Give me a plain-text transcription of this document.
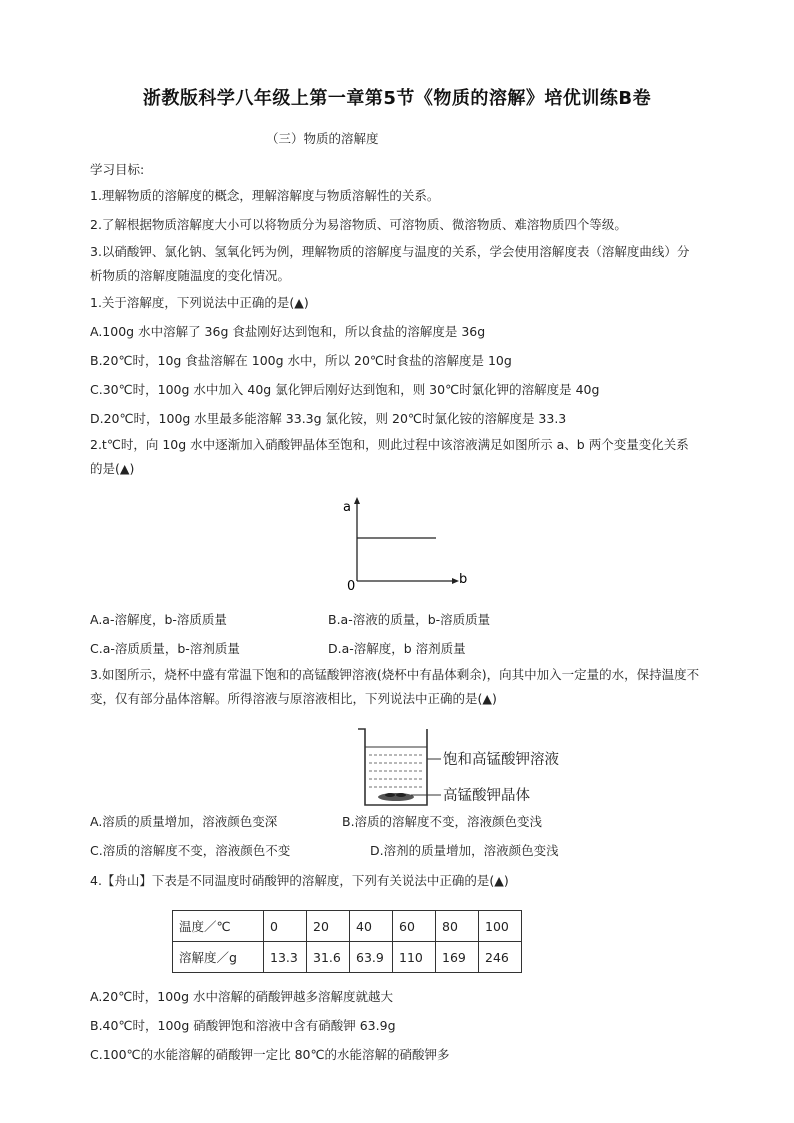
浙教版科学八年级上第一章第5节《物质的溶解》培优训练B卷
（三）物质的溶解度
学习目标:
1.理解物质的溶解度的概念，理解溶解度与物质溶解性的关系。
2.了解根据物质溶解度大小可以将物质分为易溶物质、可溶物质、微溶物质、难溶物质四个等级。
3.以硝酸钾、氯化钠、氢氧化钙为例，理解物质的溶解度与温度的关系，学会使用溶解度表（溶解度曲线）分析物质的溶解度随温度的变化情况。
1.关于溶解度，下列说法中正确的是(▲)
A.100g 水中溶解了 36g 食盐刚好达到饱和，所以食盐的溶解度是 36g
B.20℃时，10g 食盐溶解在 100g 水中，所以 20℃时食盐的溶解度是 10g
C.30℃时，100g 水中加入 40g 氯化钾后刚好达到饱和，则 30℃时氯化钾的溶解度是 40g
D.20℃时，100g 水里最多能溶解 33.3g 氯化铵，则 20℃时氯化铵的溶解度是 33.3
2.t℃时，向 10g 水中逐渐加入硝酸钾晶体至饱和，则此过程中该溶液满足如图所示 a、b 两个变量变化关系的是(▲)
a
b
0
A.a-溶解度，b-溶质质量	B.a-溶液的质量，b-溶质质量
C.a-溶质质量，b-溶剂质量	D.a-溶解度，b 溶剂质量
3.如图所示，烧杯中盛有常温下饱和的高锰酸钾溶液(烧杯中有晶体剩余)，向其中加入一定量的水，保持温度不变，仅有部分晶体溶解。所得溶液与原溶液相比，下列说法中正确的是(▲)
饱和高锰酸钾溶液
高锰酸钾晶体
A.溶质的质量增加，溶液颜色变深	B.溶质的溶解度不变，溶液颜色变浅
C.溶质的溶解度不变，溶液颜色不变	D.溶剂的质量增加，溶液颜色变浅
4.【舟山】下表是不同温度时硝酸钾的溶解度，下列有关说法中正确的是(▲)
温度／℃	0	20	40	60	80	100
溶解度／g	13.3	31.6	63.9	110	169	246
A.20℃时，100g 水中溶解的硝酸钾越多溶解度就越大
B.40℃时，100g 硝酸钾饱和溶液中含有硝酸钾 63.9g
C.100℃的水能溶解的硝酸钾一定比 80℃的水能溶解的硝酸钾多
